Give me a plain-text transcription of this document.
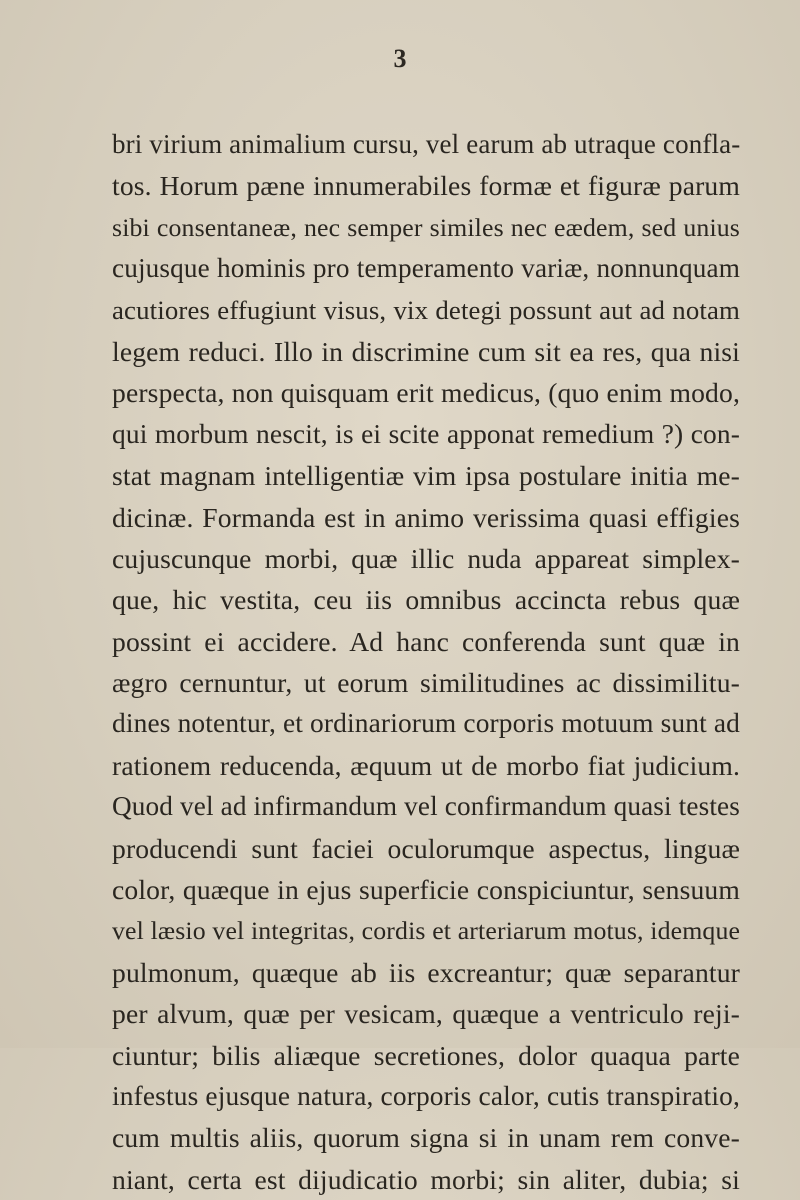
3
bri virium animalium cursu, vel earum ab utraque confla-
tos. Horum pæne innumerabiles formæ et figuræ parum
sibi consentaneæ, nec semper similes nec eædem, sed unius
cujusque hominis pro temperamento variæ, nonnunquam
acutiores effugiunt visus, vix detegi possunt aut ad notam
legem reduci. Illo in discrimine cum sit ea res, qua nisi
perspecta, non quisquam erit medicus, (quo enim modo,
qui morbum nescit, is ei scite apponat remedium ?) con-
stat magnam intelligentiæ vim ipsa postulare initia me-
dicinæ. Formanda est in animo verissima quasi effigies
cujuscunque morbi, quæ illic nuda appareat simplex-
que, hic vestita, ceu iis omnibus accincta rebus quæ
possint ei accidere. Ad hanc conferenda sunt quæ in
ægro cernuntur, ut eorum similitudines ac dissimilitu-
dines notentur, et ordinariorum corporis motuum sunt ad
rationem reducenda, æquum ut de morbo fiat judicium.
Quod vel ad infirmandum vel confirmandum quasi testes
producendi sunt faciei oculorumque aspectus, linguæ
color, quæque in ejus superficie conspiciuntur, sensuum
vel læsio vel integritas, cordis et arteriarum motus, idemque
pulmonum, quæque ab iis excreantur; quæ separantur
per alvum, quæ per vesicam, quæque a ventriculo reji-
ciuntur; bilis aliæque secretiones, dolor quaqua parte
infestus ejusque natura, corporis calor, cutis transpiratio,
cum multis aliis, quorum signa si in unam rem conve-
niant, certa est dijudicatio morbi; sin aliter, dubia; si
